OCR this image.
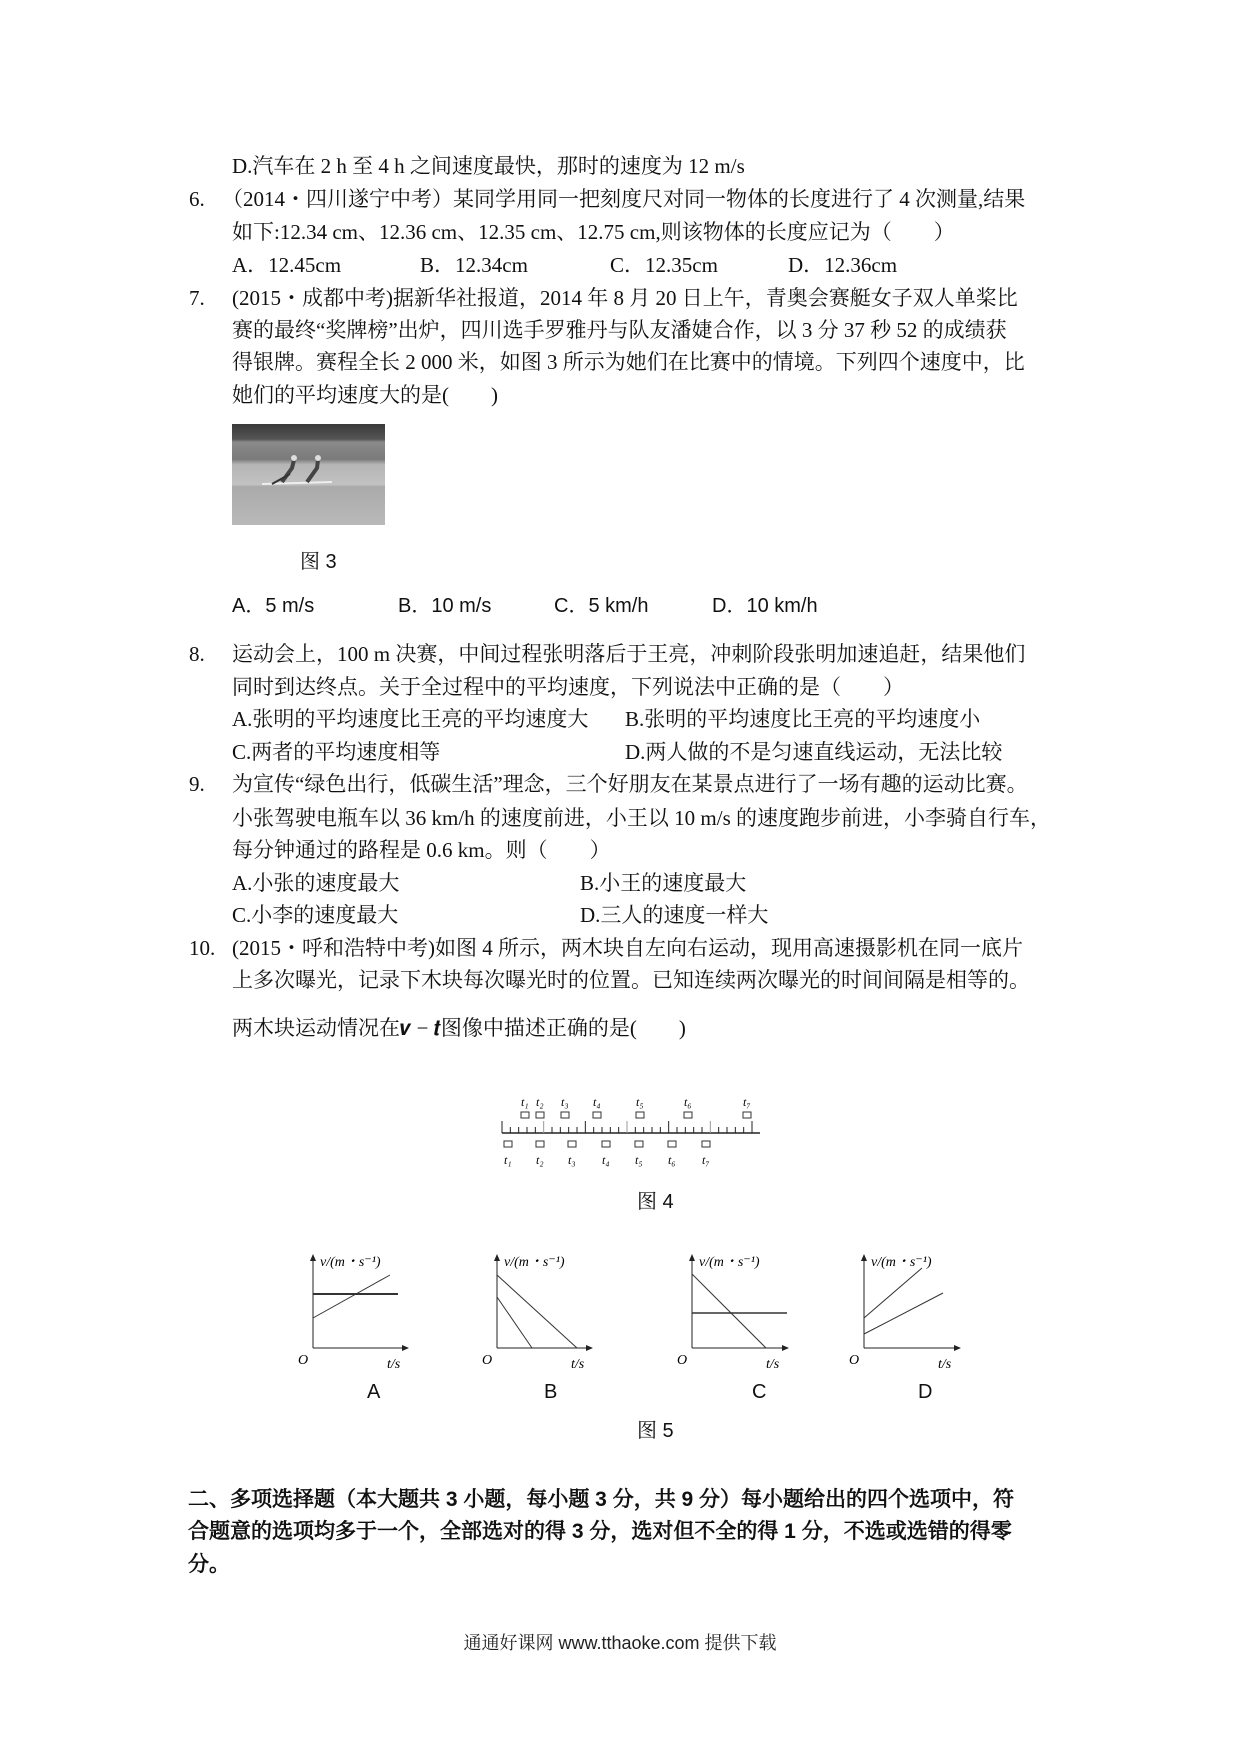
D.汽车在 2 h 至 4 h 之间速度最快，那时的速度为 12 m/s
6. （2014・四川遂宁中考）某同学用同一把刻度尺对同一物体的长度进行了 4 次测量,结果
如下:12.34 cm、12.36 cm、12.35 cm、12.75 cm,则该物体的长度应记为（　　）
A．12.45cm	B．12.34cm	C．12.35cm	D．12.36cm
7. (2015・成都中考)据新华社报道，2014 年 8 月 20 日上午，青奥会赛艇女子双人单桨比
赛的最终“奖牌榜”出炉，四川选手罗雅丹与队友潘婕合作，以 3 分 37 秒 52 的成绩获
得银牌。赛程全长 2 000 米，如图 3 所示为她们在比赛中的情境。下列四个速度中，比
她们的平均速度大的是(　　)
图 3
A．5 m/s	B．10 m/s	C．5 km/h	D．10 km/h
8. 运动会上，100 m 决赛，中间过程张明落后于王亮，冲刺阶段张明加速追赶，结果他们
同时到达终点。关于全过程中的平均速度，下列说法中正确的是（　　）
A.张明的平均速度比王亮的平均速度大 B.张明的平均速度比王亮的平均速度小
C.两者的平均速度相等	D.两人做的不是匀速直线运动，无法比较
9. 为宣传“绿色出行，低碳生活”理念，三个好朋友在某景点进行了一场有趣的运动比赛。
小张驾驶电瓶车以 36 km/h 的速度前进，小王以 10 m/s 的速度跑步前进，小李骑自行车，
每分钟通过的路程是 0.6 km。则（　　）
A.小张的速度最大	B.小王的速度最大
C.小李的速度最大	D.三人的速度一样大
10. (2015・呼和浩特中考)如图 4 所示，两木块自左向右运动，现用高速摄影机在同一底片
上多次曝光，记录下木块每次曝光时的位置。已知连续两次曝光的时间间隔是相等的。
两木块运动情况在𝒗 − 𝒕图像中描述正确的是(　　)
t₁ t₂ t₃ t₄	t₅	t₆	t₇
t₁ t₂ t₃ t₄ t₅ t₆ t₇
图 4
v/(m・s⁻¹)
O	t/s
v/(m・s⁻¹)
O	t/s
v/(m・s⁻¹)
O	t/s
v/(m・s⁻¹)
O	t/s
A	B	C	D
图 5
二、多项选择题（本大题共 3 小题，每小题 3 分，共 9 分）每小题给出的四个选项中，符
合题意的选项均多于一个，全部选对的得 3 分，选对但不全的得 1 分，不选或选错的得零
分。
通通好课网 www.tthaoke.com 提供下载
